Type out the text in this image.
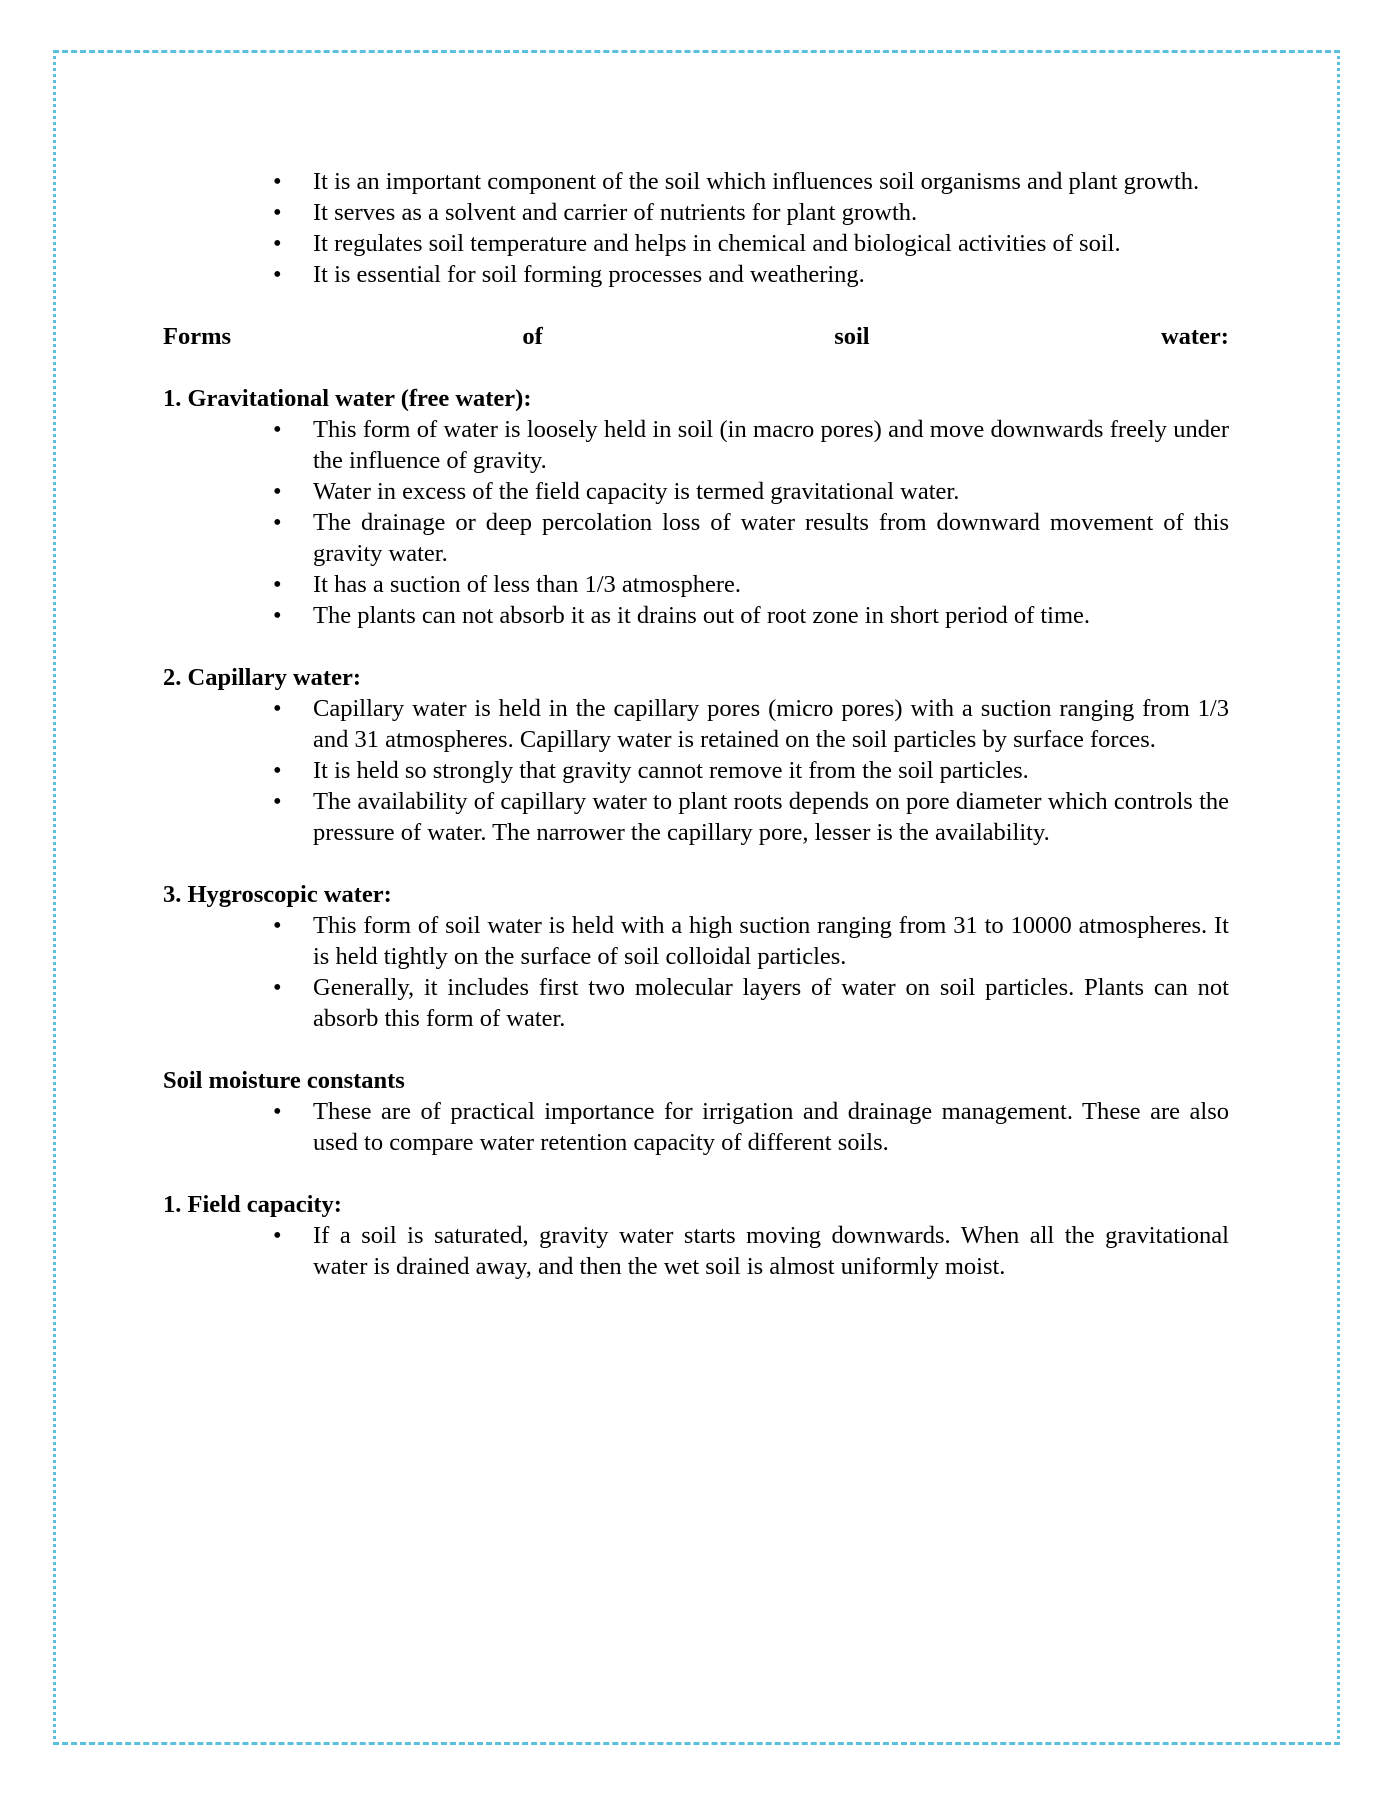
• It is an important component of the soil which influences soil organisms and plant growth.
• It serves as a solvent and carrier of nutrients for plant growth.
• It regulates soil temperature and helps in chemical and biological activities of soil.
• It is essential for soil forming processes and weathering.
Forms	of	soil	water:

1. Gravitational water (free water):

• This form of water is loosely held in soil (in macro pores) and move downwards freely under the influence of gravity.
• Water in excess of the field capacity is termed gravitational water.
• The drainage or deep percolation loss of water results from downward movement of this gravity water.
• It has a suction of less than 1/3 atmosphere.
• The plants can not absorb it as it drains out of root zone in short period of time.

2. Capillary water:

• Capillary water is held in the capillary pores (micro pores) with a suction ranging from 1/3 and 31 atmospheres. Capillary water is retained on the soil particles by surface forces.
• It is held so strongly that gravity cannot remove it from the soil particles.
• The availability of capillary water to plant roots depends on pore diameter which controls the pressure of water. The narrower the capillary pore, lesser is the availability.

3. Hygroscopic water:

• This form of soil water is held with a high suction ranging from 31 to 10000 atmospheres. It is held tightly on the surface of soil colloidal particles.
• Generally, it includes first two molecular layers of water on soil particles. Plants can not absorb this form of water.

Soil moisture constants

• These are of practical importance for irrigation and drainage management. These are also used to compare water retention capacity of different soils.

1. Field capacity:

• If a soil is saturated, gravity water starts moving downwards. When all the gravitational water is drained away, and then the wet soil is almost uniformly moist.
